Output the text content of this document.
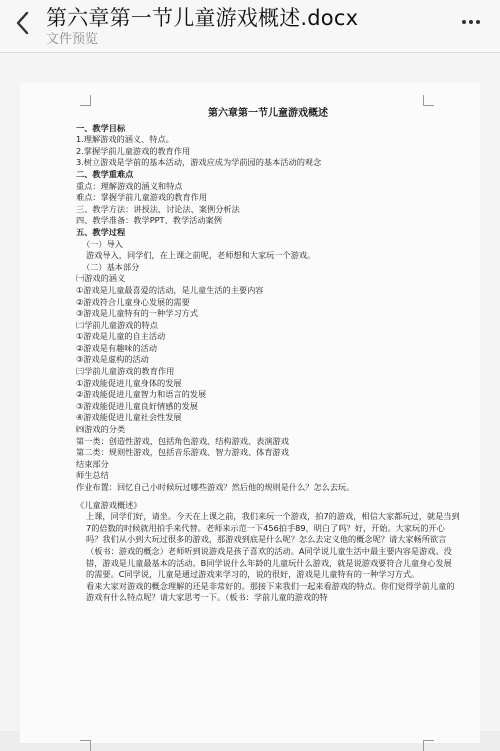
第六章第一节儿童游戏概述.docx
文件预览
第六章第一节儿童游戏概述
一、教学目标
1.理解游戏的涵义、特点。
2.掌握学前儿童游戏的教育作用
3.树立游戏是学前的基本活动，游戏应成为学前园的基本活动的观念
二、教学重难点
重点：理解游戏的涵义和特点
难点：掌握学前儿童游戏的教育作用
三、教学方法：讲授法、讨论法、案例分析法
四、教学准备：教学PPT、教学活动案例
五、教学过程
（一）导入
游戏导入，同学们，在上课之前呢，老师想和大家玩一个游戏。
（二）基本部分
㈠游戏的涵义
①游戏是儿童最喜爱的活动，是儿童生活的主要内容
②游戏符合儿童身心发展的需要
③游戏是儿童特有的一种学习方式
㈡学前儿童游戏的特点
①游戏是儿童的自主活动
②游戏是有趣味的活动
③游戏是虚构的活动
㈢学前儿童游戏的教育作用
①游戏能促进儿童身体的发展
②游戏能促进儿童智力和语言的发展
③游戏能促进儿童良好情感的发展
④游戏能促进儿童社会性发展
㈣游戏的分类
第一类：创造性游戏，包括角色游戏、结构游戏、表演游戏
第二类：规则性游戏，包括音乐游戏、智力游戏、体育游戏
结束部分
师生总结
作业布置：回忆自己小时候玩过哪些游戏？然后他的规则是什么？怎么去玩。
《儿童游戏概述》
上课，同学们好，请坐。今天在上课之前，我们来玩一个游戏，拍7的游戏，相信大家都玩过，就是当到7的倍数的时候就用拍手来代替。老师来示范一下456拍手89，明白了吗？好，开始。大家玩的开心吗？我们从小到大玩过很多的游戏，那游戏到底是什么呢？怎么去定义他的概念呢？请大家畅所欲言（板书：游戏的概念）老师听到说游戏是孩子喜欢的活动。A同学说儿童生活中最主要内容是游戏。没错，游戏是儿童最基本的活动。B同学说什么年龄的儿童玩什么游戏，就是说游戏要符合儿童身心发展的需要。C同学说，儿童是通过游戏来学习的，说的很好，游戏是儿童特有的一种学习方式。
看来大家对游戏的概念理解的还是非常好的。那接下来我们一起来看游戏的特点。你们觉得学前儿童的游戏有什么特点呢？请大家思考一下。（板书：学前儿童的游戏的特
